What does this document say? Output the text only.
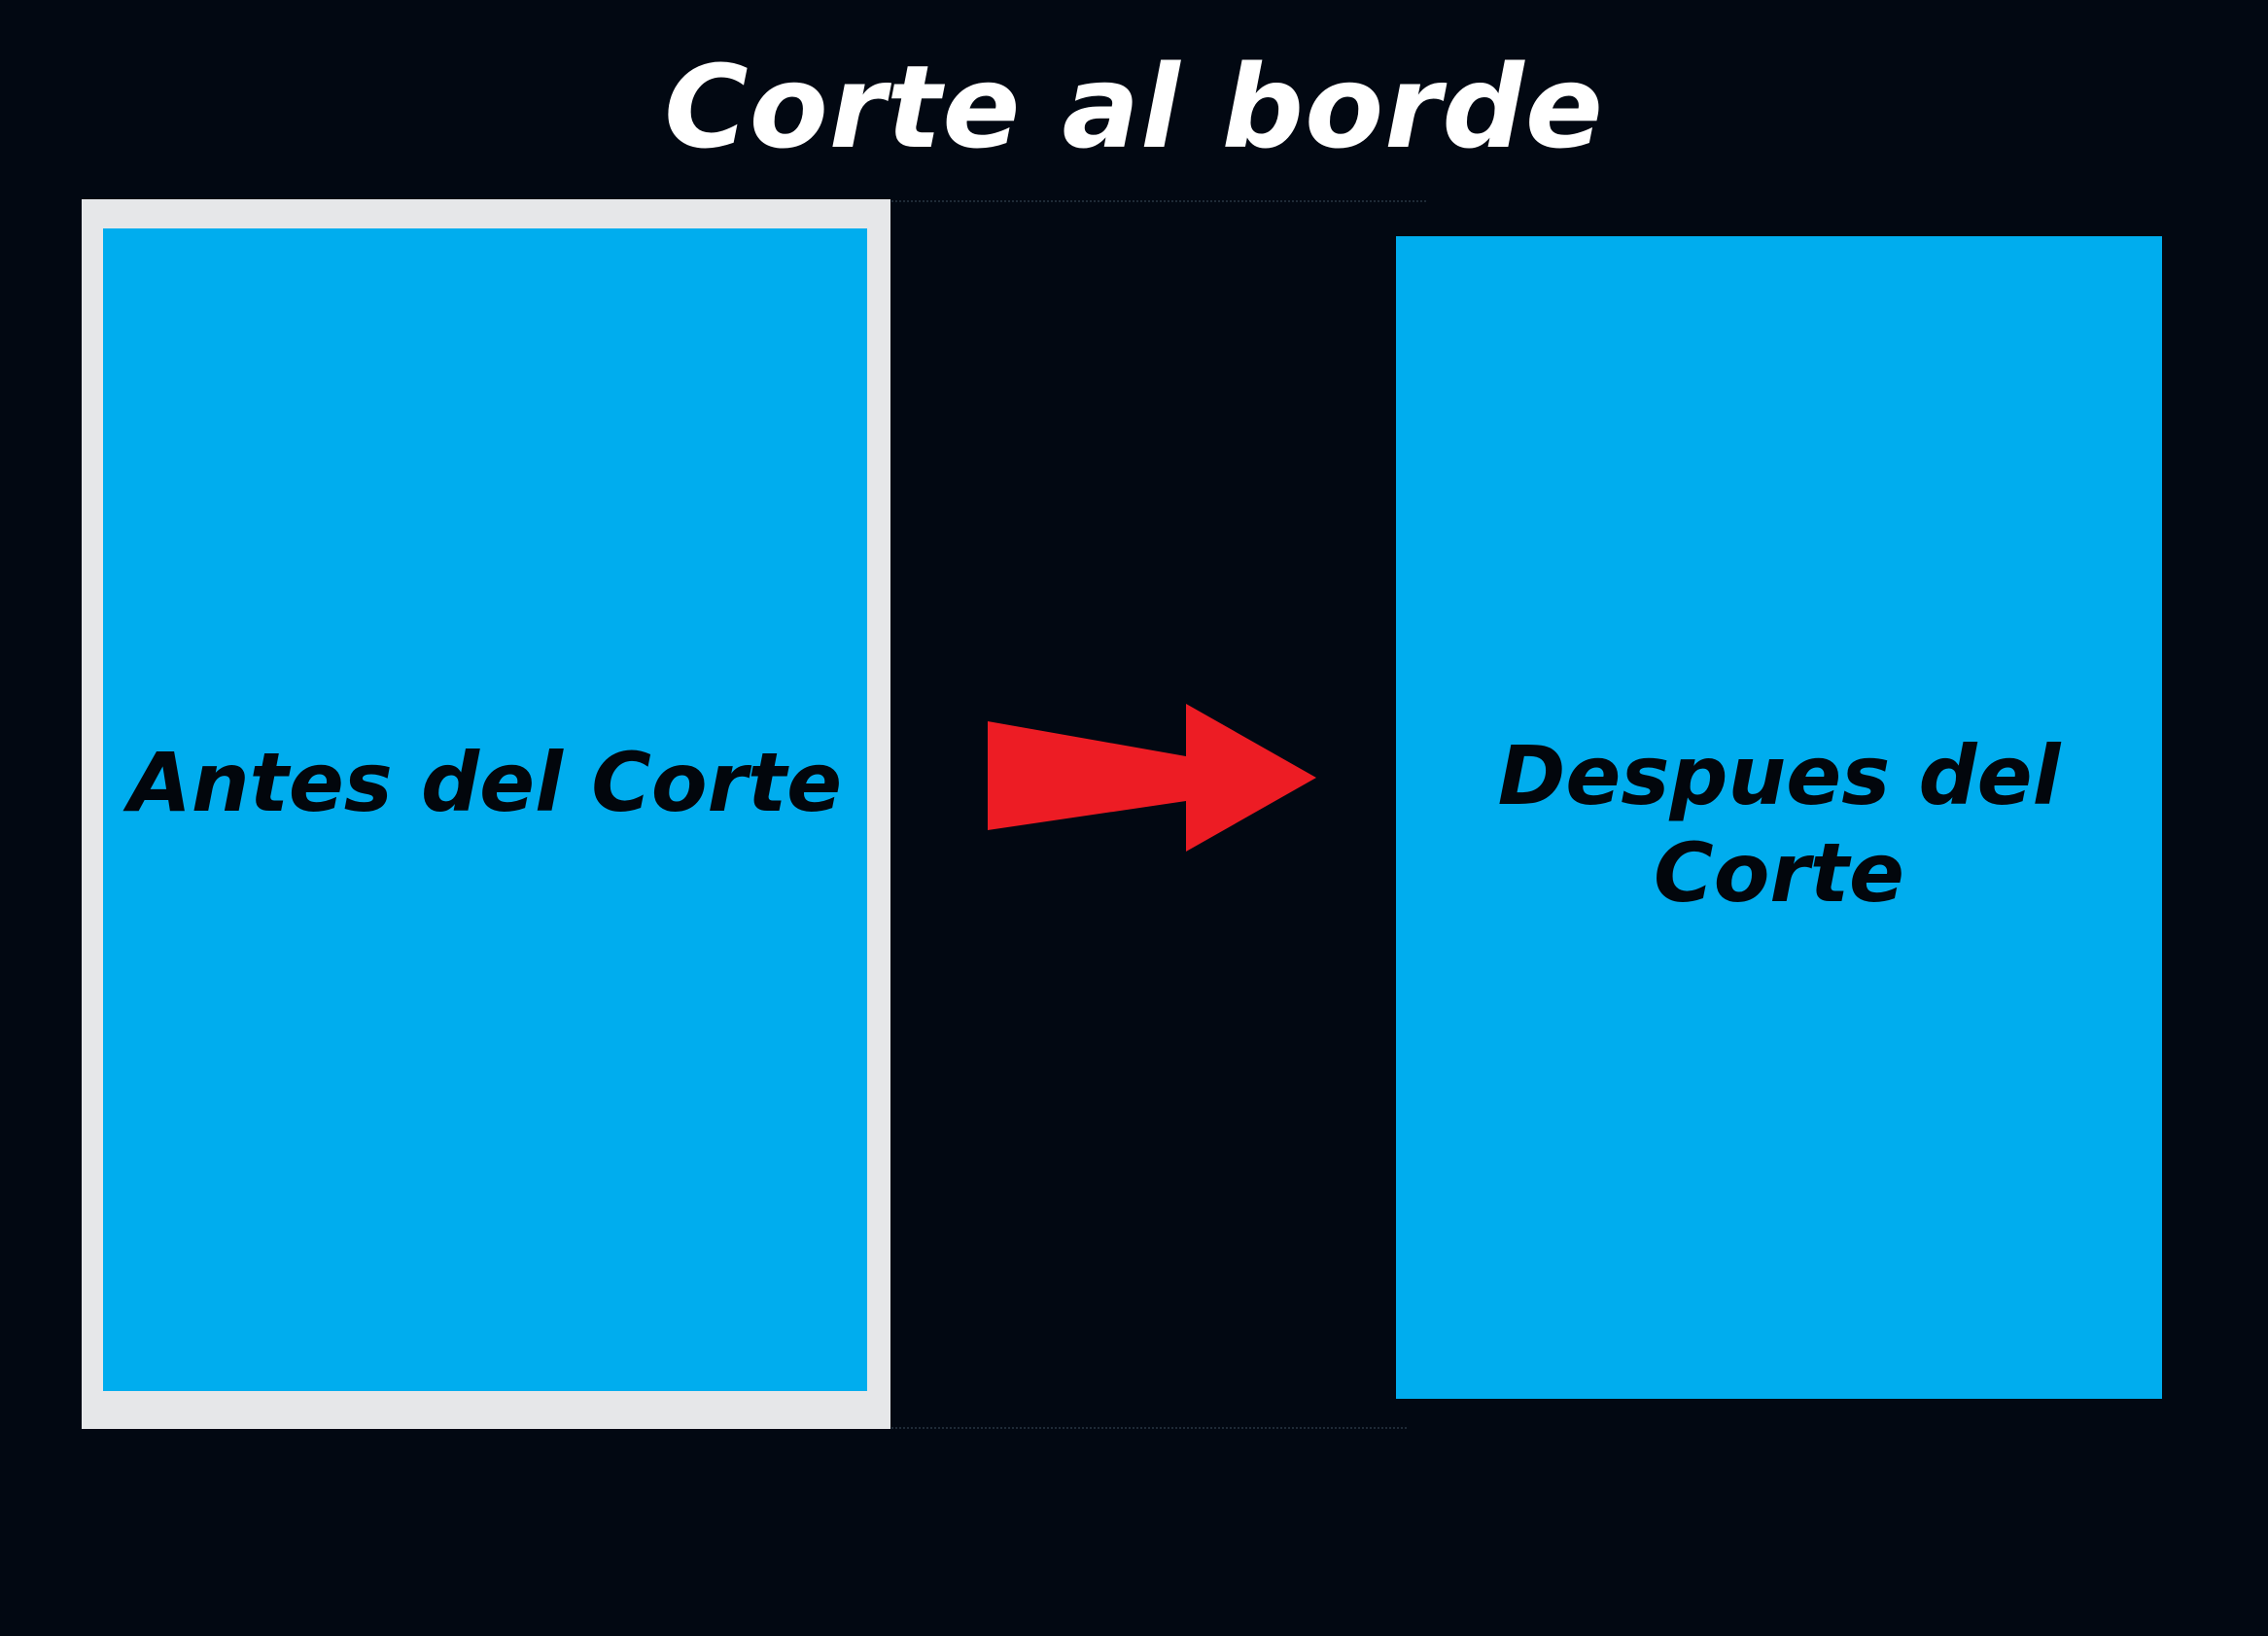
Corte al borde
Antes del Corte	Despues del Corte
